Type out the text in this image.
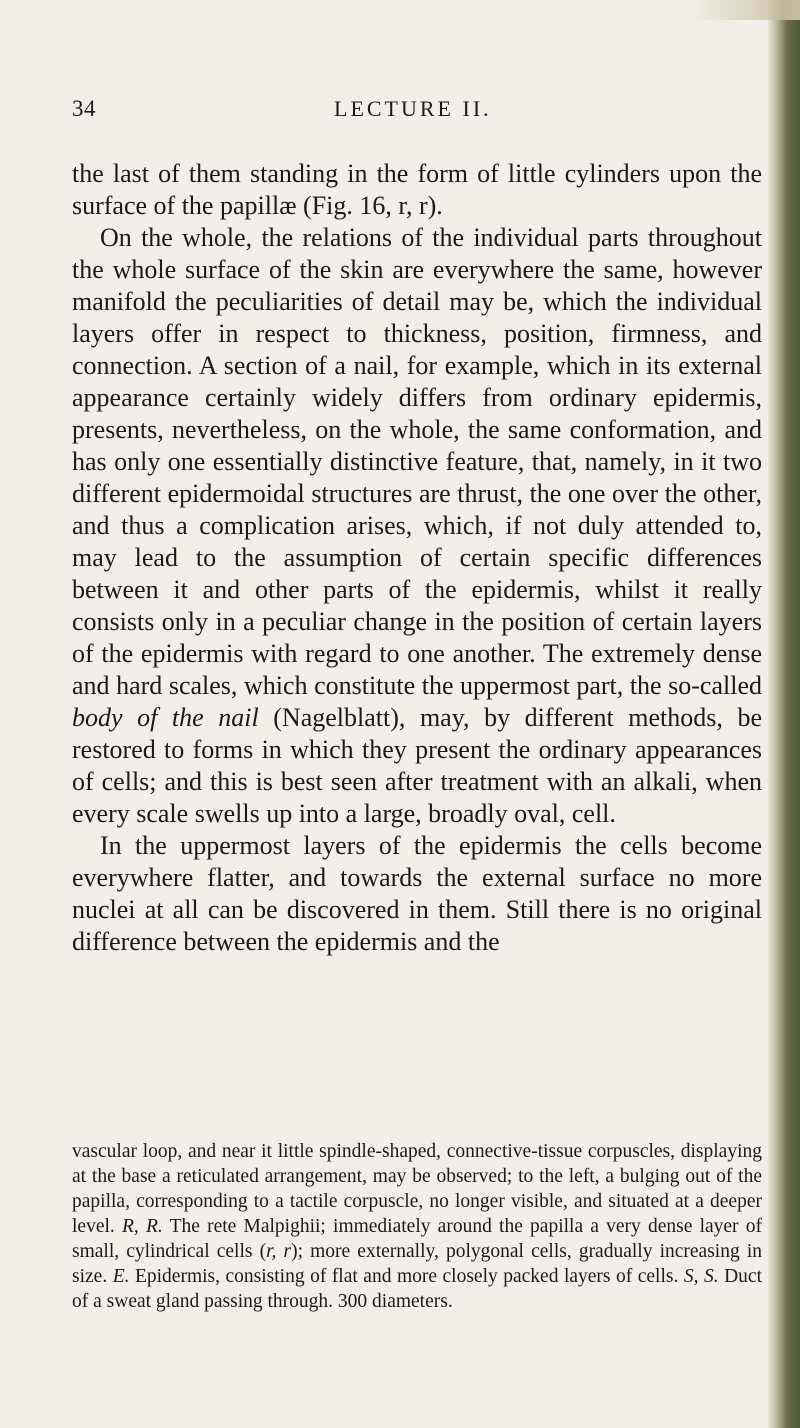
34	LECTURE II.

the last of them standing in the form of little cylinders upon the surface of the papillæ (Fig. 16, r, r).

On the whole, the relations of the individual parts throughout the whole surface of the skin are everywhere the same, however manifold the peculiarities of detail may be, which the individual layers offer in respect to thickness, position, firmness, and connection. A section of a nail, for example, which in its external appearance certainly widely differs from ordinary epidermis, presents, nevertheless, on the whole, the same conformation, and has only one essentially distinctive feature, that, namely, in it two different epidermoidal structures are thrust, the one over the other, and thus a complication arises, which, if not duly attended to, may lead to the assumption of certain specific differences between it and other parts of the epidermis, whilst it really consists only in a peculiar change in the position of certain layers of the epidermis with regard to one another. The extremely dense and hard scales, which constitute the uppermost part, the so-called body of the nail (Nagelblatt), may, by different methods, be restored to forms in which they present the ordinary appearances of cells; and this is best seen after treatment with an alkali, when every scale swells up into a large, broadly oval, cell.

In the uppermost layers of the epidermis the cells become everywhere flatter, and towards the external surface no more nuclei at all can be discovered in them. Still there is no original difference between the epidermis and the

vascular loop, and near it little spindle-shaped, connective-tissue corpuscles, displaying at the base a reticulated arrangement, may be observed; to the left, a bulging out of the papilla, corresponding to a tactile corpuscle, no longer visible, and situated at a deeper level. R, R. The rete Malpighii; immediately around the papilla a very dense layer of small, cylindrical cells (r, r); more externally, polygonal cells, gradually increasing in size. E. Epidermis, consisting of flat and more closely packed layers of cells. S, S. Duct of a sweat gland passing through. 300 diameters.
